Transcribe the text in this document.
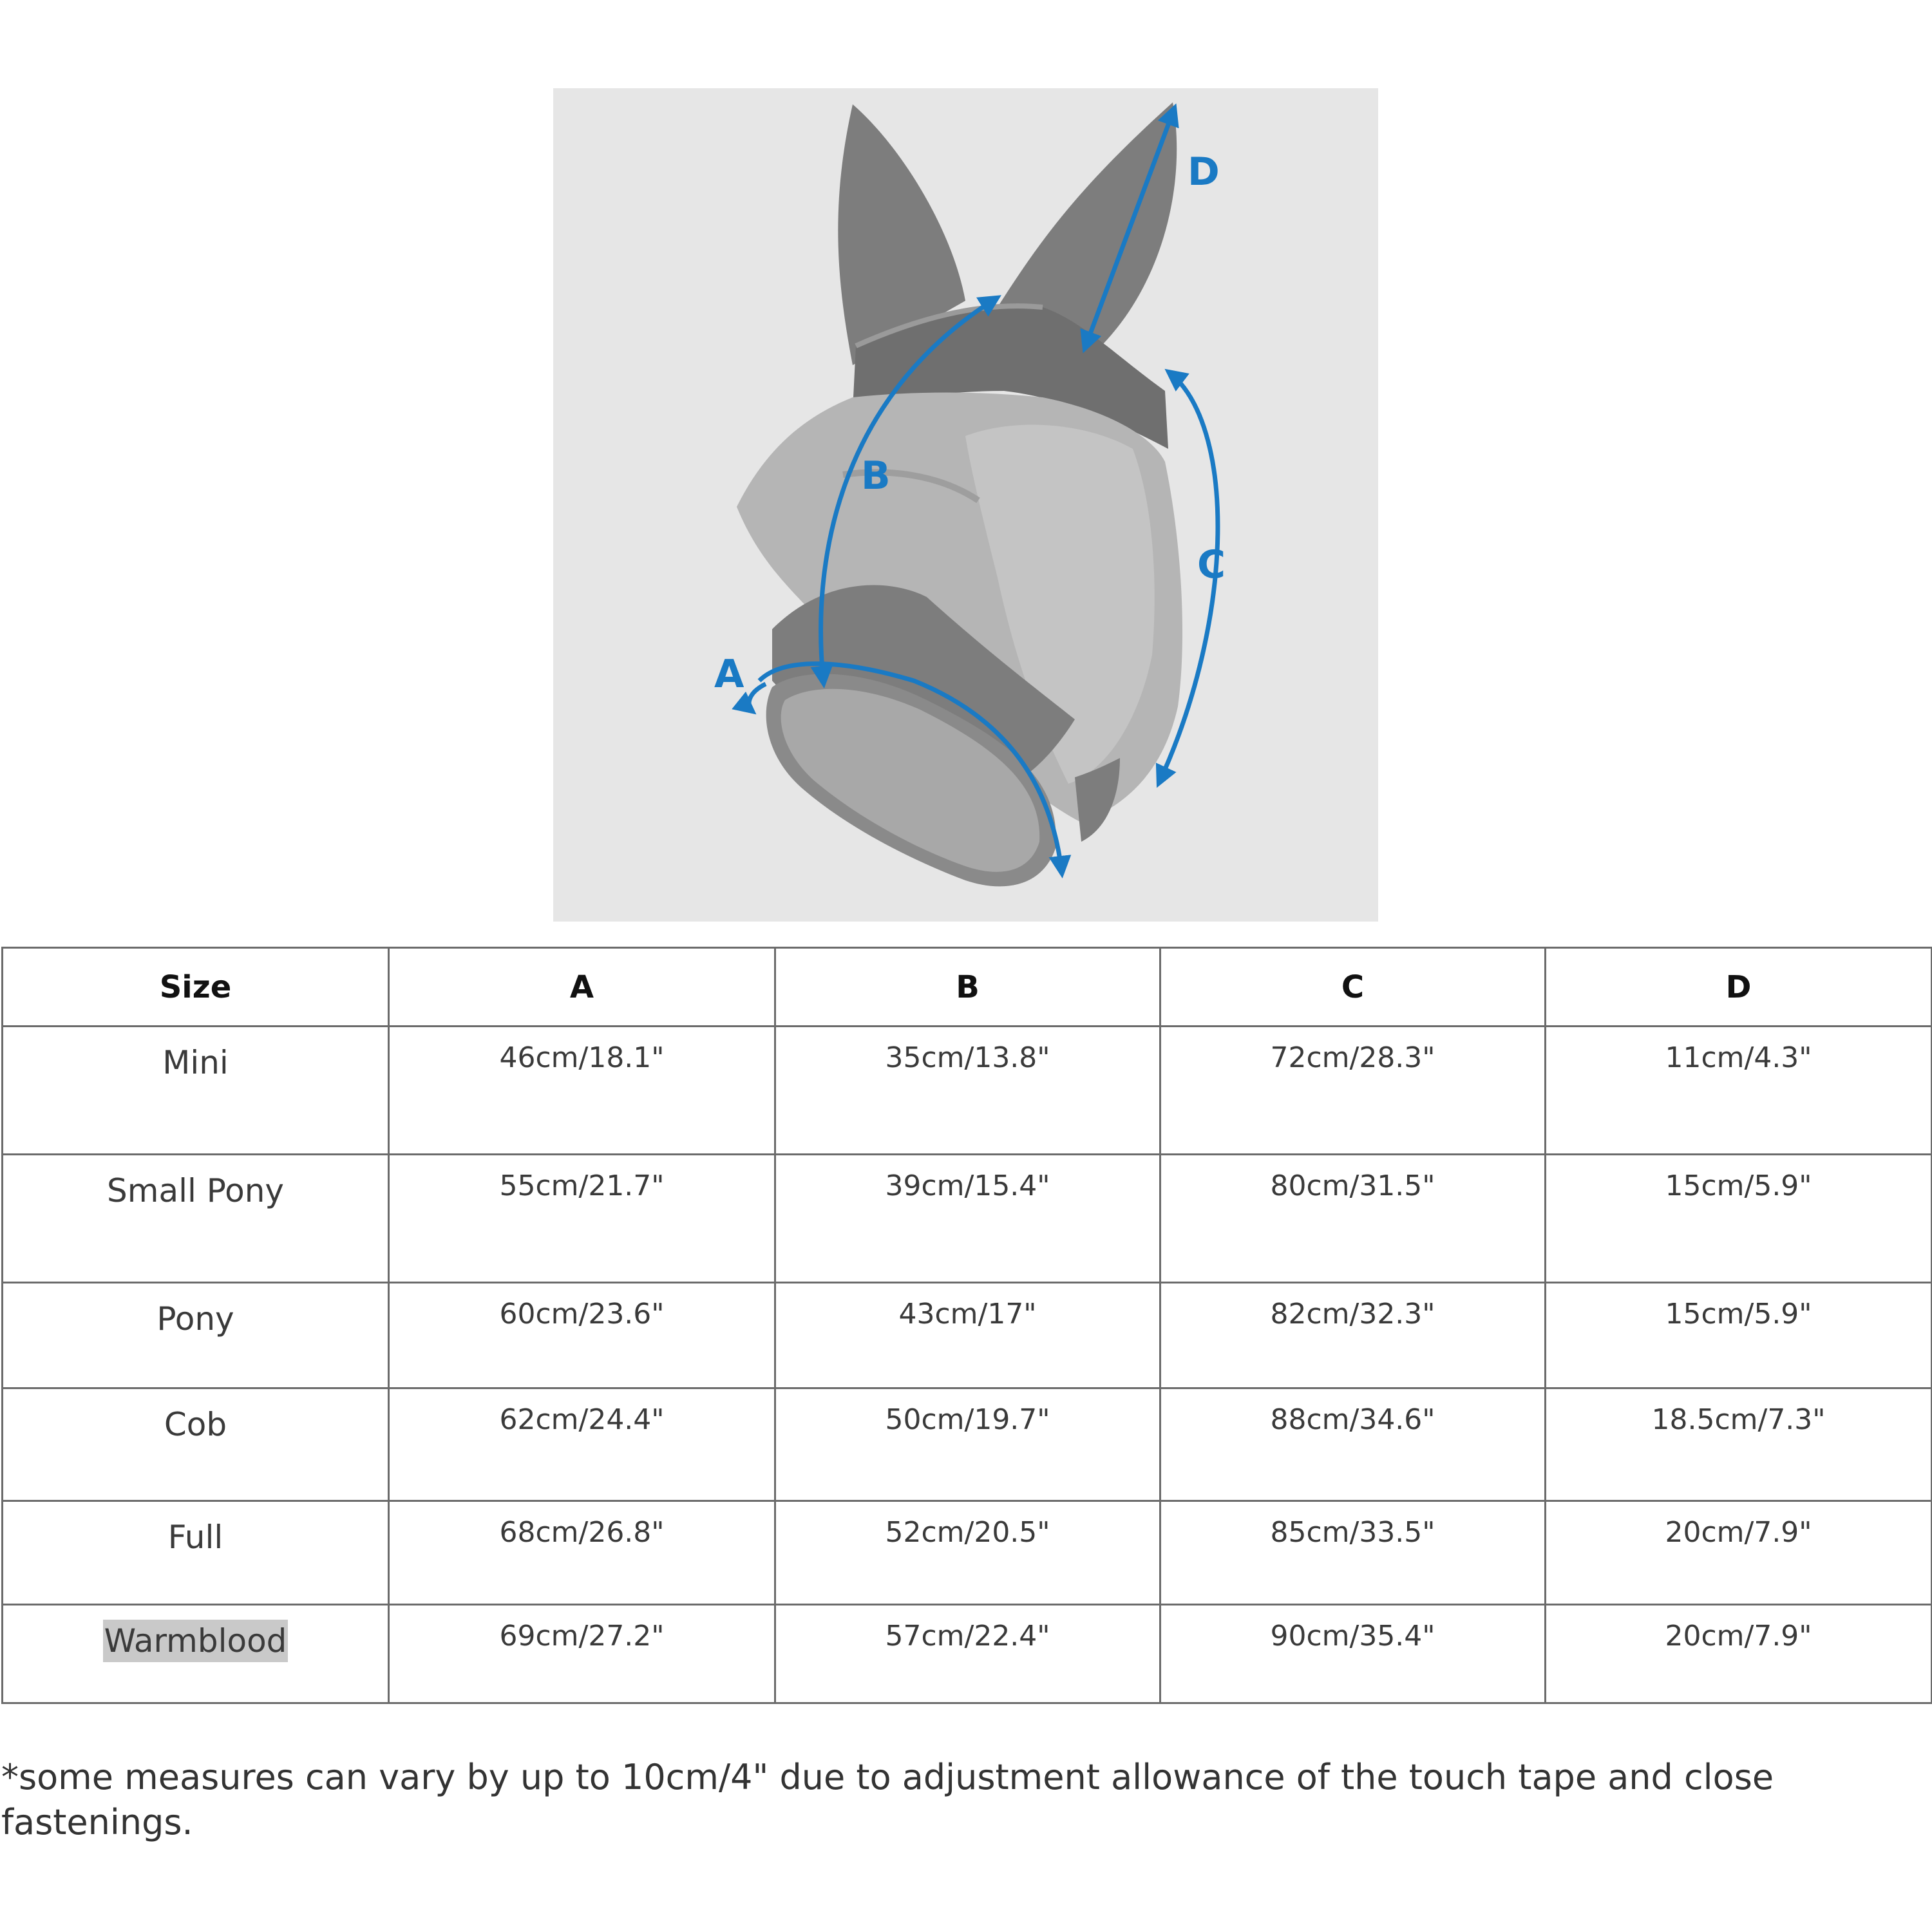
A
B
C
D
Size	A	B	C	D
Mini	46cm/18.1"	35cm/13.8"	72cm/28.3"	11cm/4.3"
Small Pony	55cm/21.7"	39cm/15.4"	80cm/31.5"	15cm/5.9"
Pony	60cm/23.6"	43cm/17"	82cm/32.3"	15cm/5.9"
Cob	62cm/24.4"	50cm/19.7"	88cm/34.6"	18.5cm/7.3"
Full	68cm/26.8"	52cm/20.5"	85cm/33.5"	20cm/7.9"
Warmblood	69cm/27.2"	57cm/22.4"	90cm/35.4"	20cm/7.9"
*some measures can vary by up to 10cm/4" due to adjustment allowance of the touch tape and close fastenings.
